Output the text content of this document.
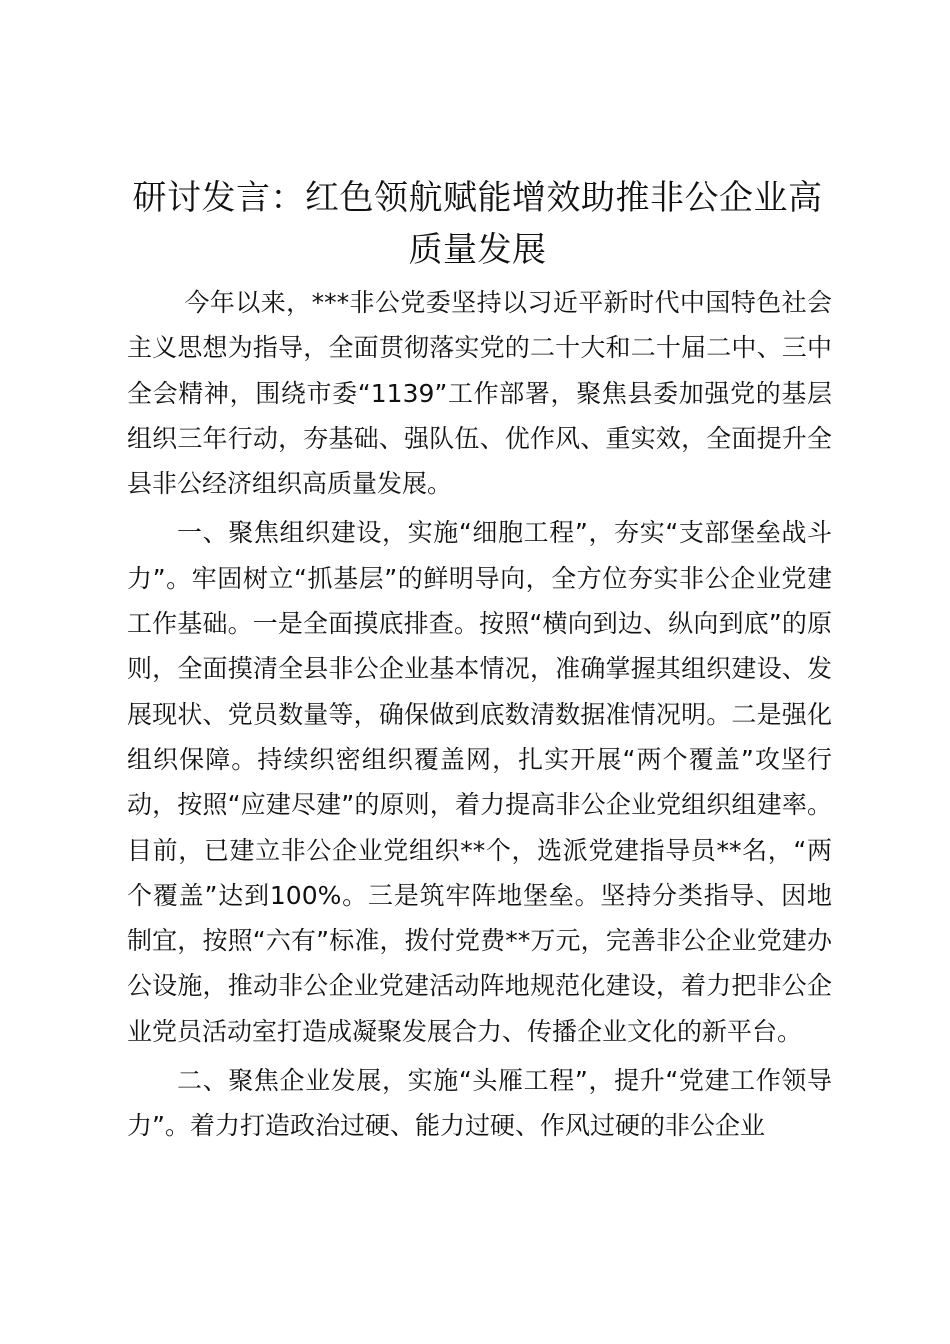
研讨发言：红色领航赋能增效助推非公企业高质量发展

今年以来，***非公党委坚持以习近平新时代中国特色社会主义思想为指导，全面贯彻落实党的二十大和二十届二中、三中全会精神，围绕市委“1139”工作部署，聚焦县委加强党的基层组织三年行动，夯基础、强队伍、优作风、重实效，全面提升全县非公经济组织高质量发展。

一、聚焦组织建设，实施“细胞工程”，夯实“支部堡垒战斗力”。牢固树立“抓基层”的鲜明导向，全方位夯实非公企业党建工作基础。一是全面摸底排查。按照“横向到边、纵向到底”的原则，全面摸清全县非公企业基本情况，准确掌握其组织建设、发展现状、党员数量等，确保做到底数清数据准情况明。二是强化组织保障。持续织密组织覆盖网，扎实开展“两个覆盖”攻坚行动，按照“应建尽建”的原则，着力提高非公企业党组织组建率。目前，已建立非公企业党组织**个，选派党建指导员**名，“两个覆盖”达到100%。三是筑牢阵地堡垒。坚持分类指导、因地制宜，按照“六有”标准，拨付党费**万元，完善非公企业党建办公设施，推动非公企业党建活动阵地规范化建设，着力把非公企业党员活动室打造成凝聚发展合力、传播企业文化的新平台。

二、聚焦企业发展，实施“头雁工程”，提升“党建工作领导力”。着力打造政治过硬、能力过硬、作风过硬的非公企业
